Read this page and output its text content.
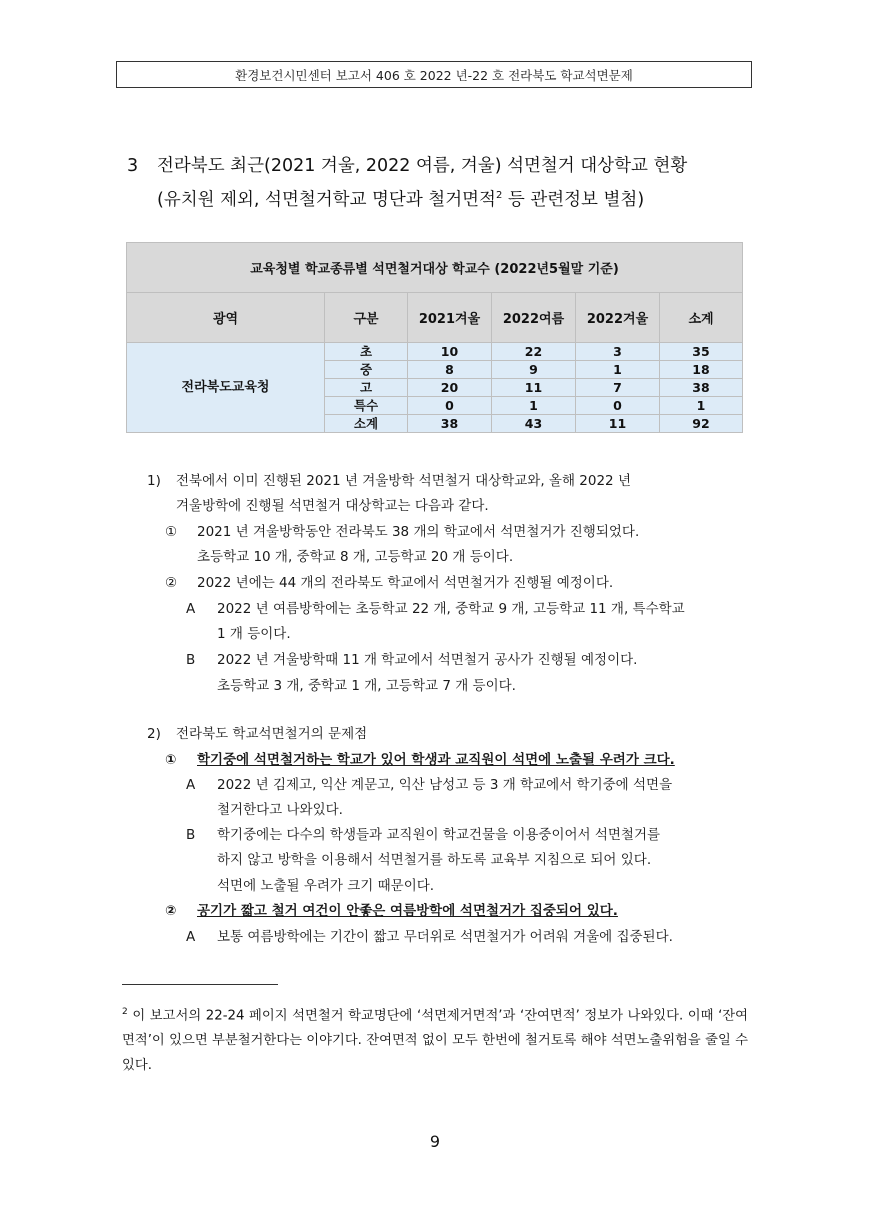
환경보건시민센터 보고서 406 호 2022 년-22 호 전라북도 학교석면문제
3 전라북도 최근(2021 겨울, 2022 여름, 겨울) 석면철거 대상학교 현황
(유치원 제외, 석면철거학교 명단과 철거면적$^2$ 등 관련정보 별첨)
교육청별 학교종류별 석면철거대상 학교수 (2022년5월말 기준)					
광역	구분	2021겨울	2022여름	2022겨울	소계
전라북도교육청	초	10	22	3	35
	중	8	9	1	18
	고	20	11	7	38
	특수	0	1	0	1
	소계	38	43	11	92
1) 전북에서 이미 진행된 2021 년 겨울방학 석면철거 대상학교와, 올해 2022 년
겨울방학에 진행될 석면철거 대상학교는 다음과 같다.
① 2021 년 겨울방학동안 전라북도 38 개의 학교에서 석면철거가 진행되었다.
초등학교 10 개, 중학교 8 개, 고등학교 20 개 등이다.
② 2022 년에는 44 개의 전라북도 학교에서 석면철거가 진행될 예정이다.
A 2022 년 여름방학에는 초등학교 22 개, 중학교 9 개, 고등학교 11 개, 특수학교
1 개 등이다.
B 2022 년 겨울방학때 11 개 학교에서 석면철거 공사가 진행될 예정이다.
초등학교 3 개, 중학교 1 개, 고등학교 7 개 등이다.
2) 전라북도 학교석면철거의 문제점
① 학기중에 석면철거하는 학교가 있어 학생과 교직원이 석면에 노출될 우려가 크다.
A 2022 년 김제고, 익산 계문고, 익산 남성고 등 3 개 학교에서 학기중에 석면을
철거한다고 나와있다.
B 학기중에는 다수의 학생들과 교직원이 학교건물을 이용중이어서 석면철거를
하지 않고 방학을 이용해서 석면철거를 하도록 교육부 지침으로 되어 있다.
석면에 노출될 우려가 크기 때문이다.
② 공기가 짧고 철거 여건이 안좋은 여름방학에 석면철거가 집중되어 있다.
A 보통 여름방학에는 기간이 짧고 무더위로 석면철거가 어려워 겨울에 집중된다.
$^2$ 이 보고서의 22-24 페이지 석면철거 학교명단에 ‘석면제거면적’과 ‘잔여면적’ 정보가 나와있다. 이때 ‘잔여면적’이 있으면 부분철거한다는 이야기다. 잔여면적 없이 모두 한번에 철거토록 해야 석면노출위험을 줄일 수 있다.
9
